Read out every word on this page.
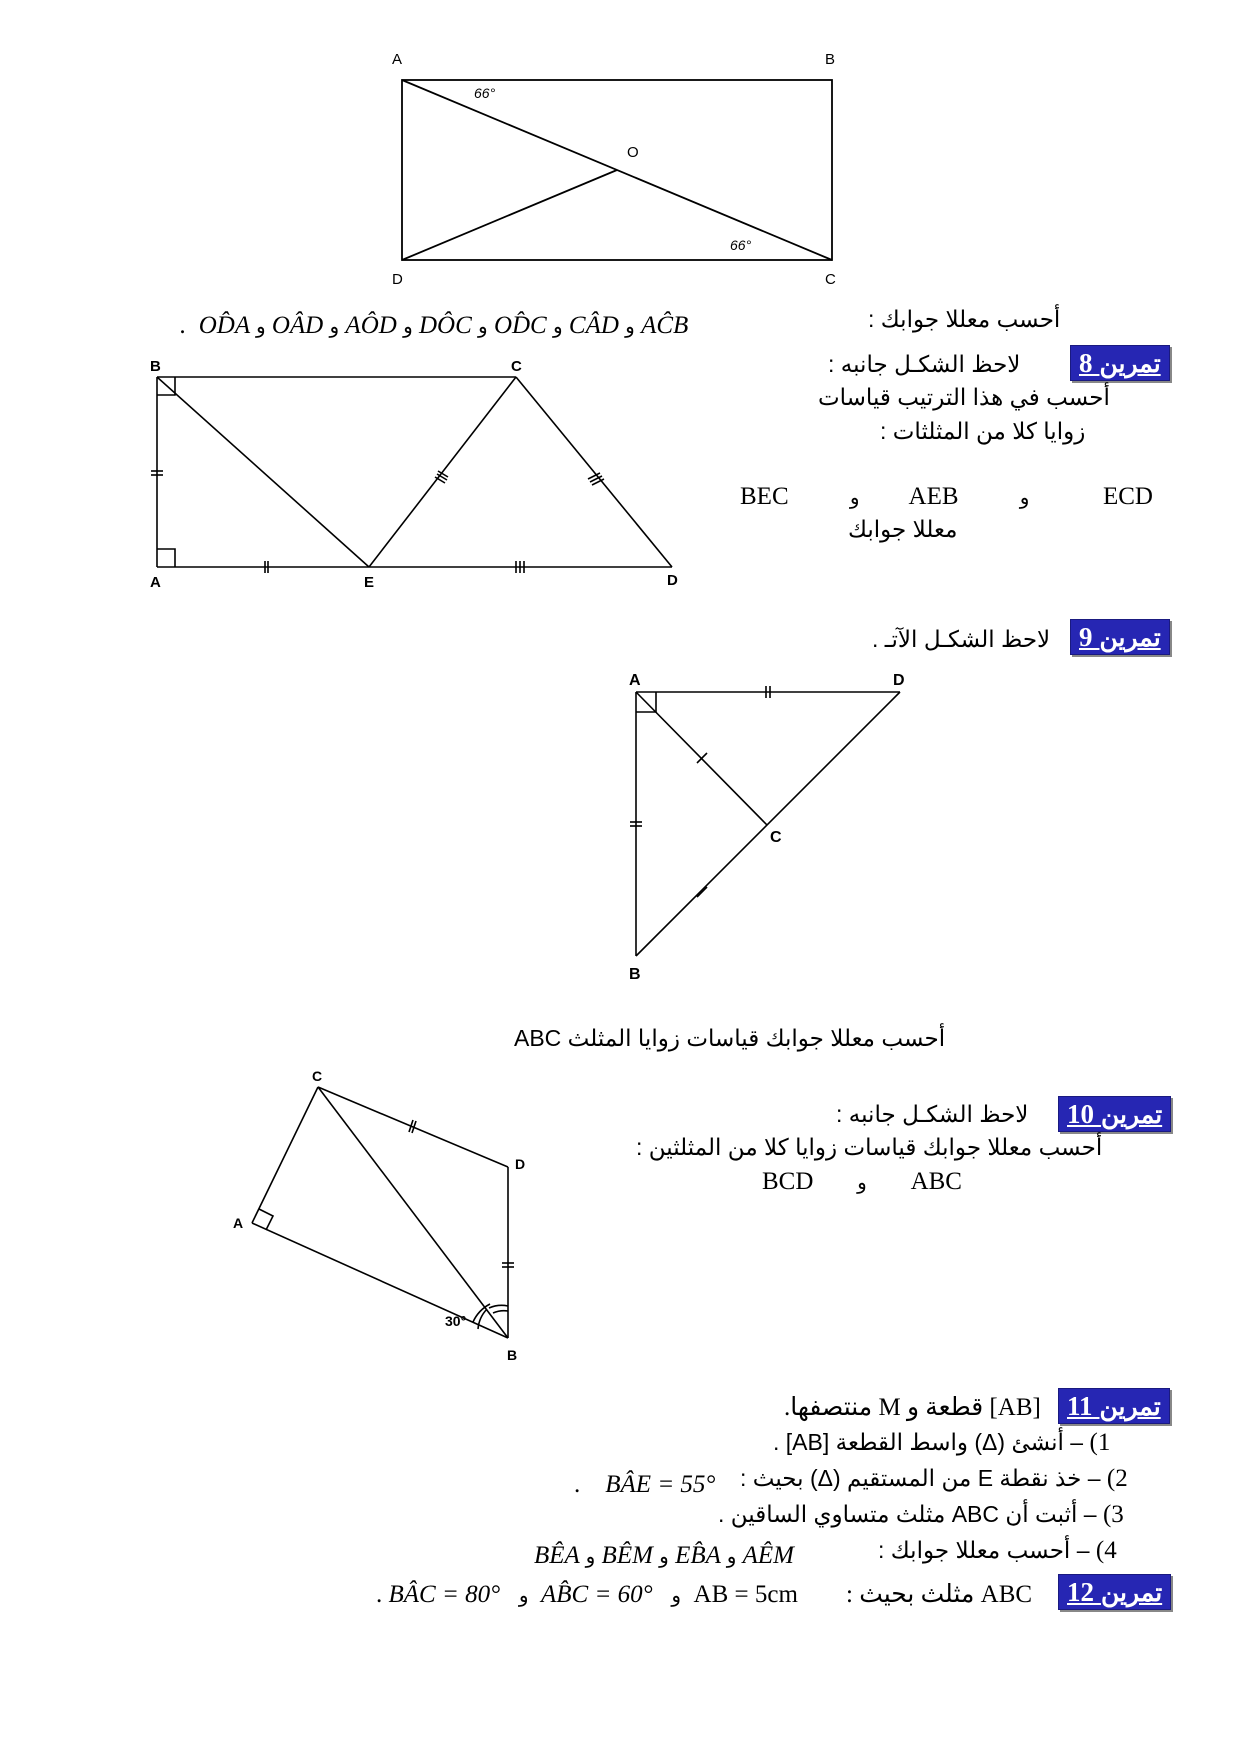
A	B
C
D
O
66°
66°
أحسب معللا جوابك :
. OD̂A و OÂD و AÔD و DÔC و OD̂C و CÂD و AĈB
تمرين 8
لاحظ الشكـل جانبه :
أحسب في هذا الترتيب قياسات
زوايا كلا من المثلثات :
BEC	و AEB	و	ECD
معللا جوابك
B	C
A	E	D
تمرين 9
لاحظ الشكـل الآتـ .
A	D
C
B
أحسب معللا جوابك قياسات زوايا المثلث ABC
تمرين 10
لاحظ الشكـل جانبه :
أحسب معللا جوابك قياسات زوايا كلا من المثلثين :
BCD و ABC
C
D
A
B
30°
تمرين 11
[AB] قطعة و M منتصفها.
1) – أنشئ (Δ) واسط القطعة [AB] .
2) – خذ نقطة E من المستقيم (Δ) بحيث :
. BÂE = 55°
3) – أثبت أن ABC مثلث متساوي الساقين .
4) – أحسب معللا جوابك :
BÊA و BÊM و EB̂A و AÊM
تمرين 12
ABC مثلث بحيث :
. BÂC = 80° و AB̂C = 60° و AB = 5cm
